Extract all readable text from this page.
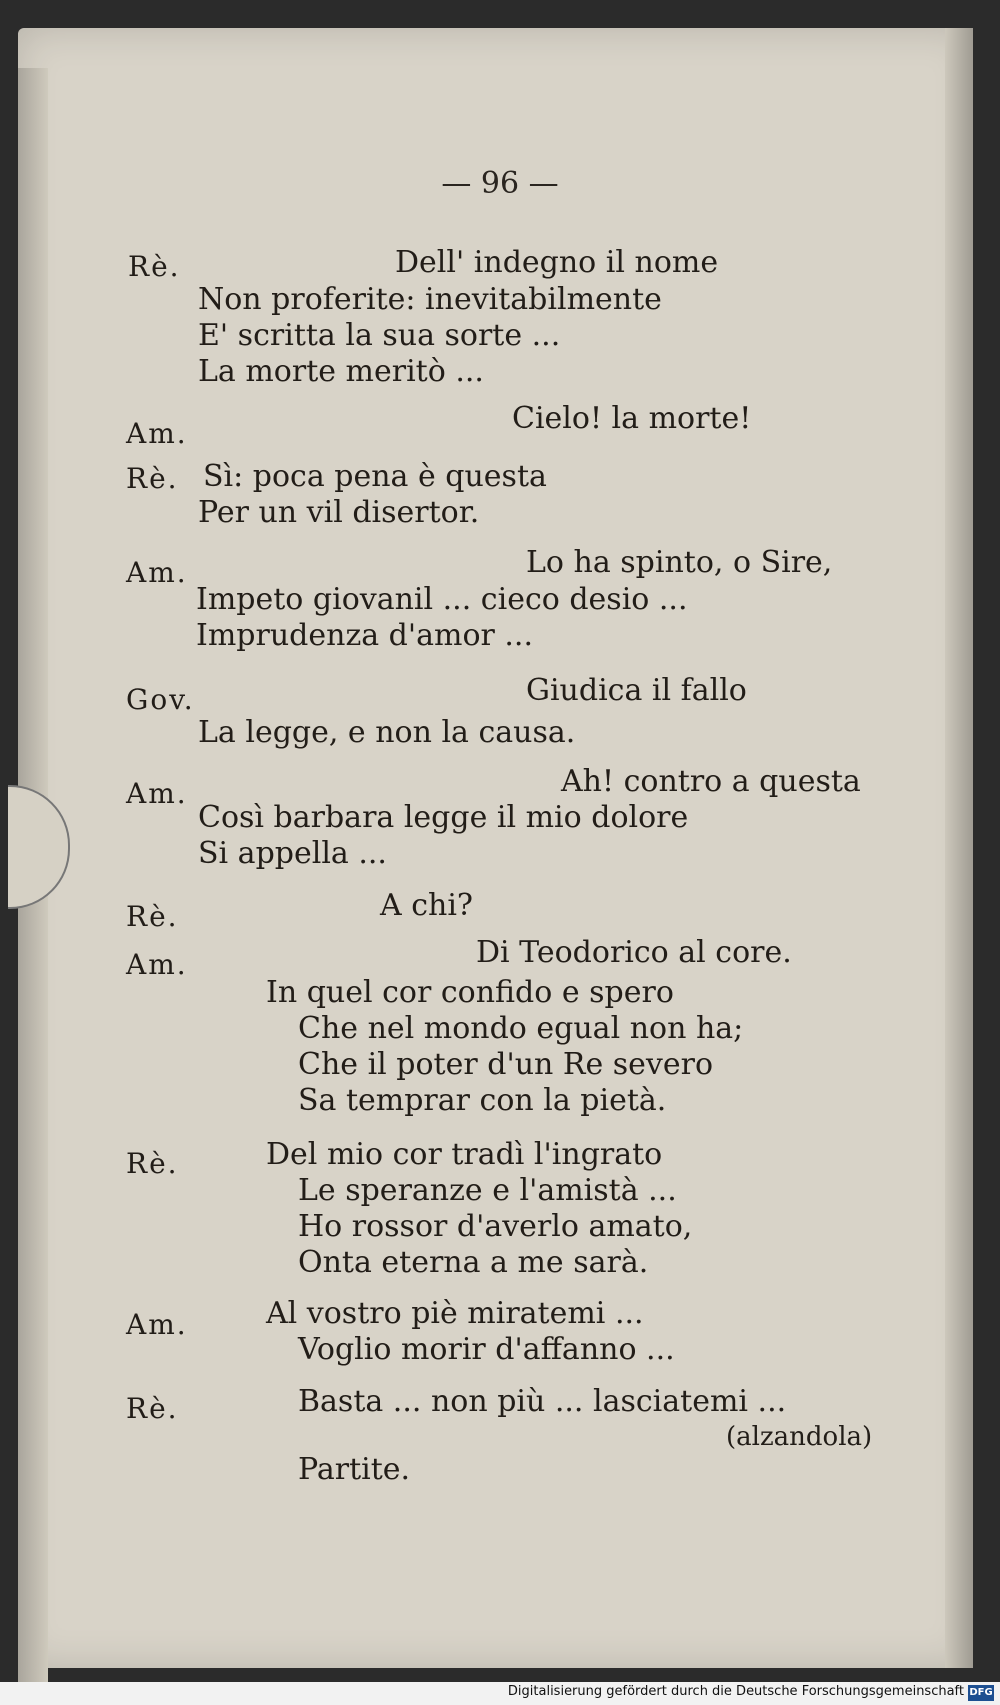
— 96 —
Rè.	Dell' indegno il nome
Non proferite: inevitabilmente
E' scritta la sua sorte ...
La morte meritò ...
Am.	Cielo! la morte!
Rè. Sì: poca pena è questa
Per un vil disertor.
Am.	Lo ha spinto, o Sire,
Impeto giovanil ... cieco desio ...
Imprudenza d'amor ...
Gov.	Giudica il fallo
La legge, e non la causa.
Am.	Ah! contro a questa
Così barbara legge il mio dolore
Si appella ...
Rè.	A chi?
Am.	Di Teodorico al core.
In quel cor confido e spero
Che nel mondo egual non ha;
Che il poter d'un Re severo
Sa temprar con la pietà.
Rè.	Del mio cor tradì l'ingrato
Le speranze e l'amistà ...
Ho rossor d'averlo amato,
Onta eterna a me sarà.
Am.	Al vostro piè miratemi ...
Voglio morir d'affanno ...
Rè.	Basta ... non più ... lasciatemi ...
(alzandola)
Partite.
Digitalisierung gefördert durch die Deutsche Forschungsgemeinschaft DFG
